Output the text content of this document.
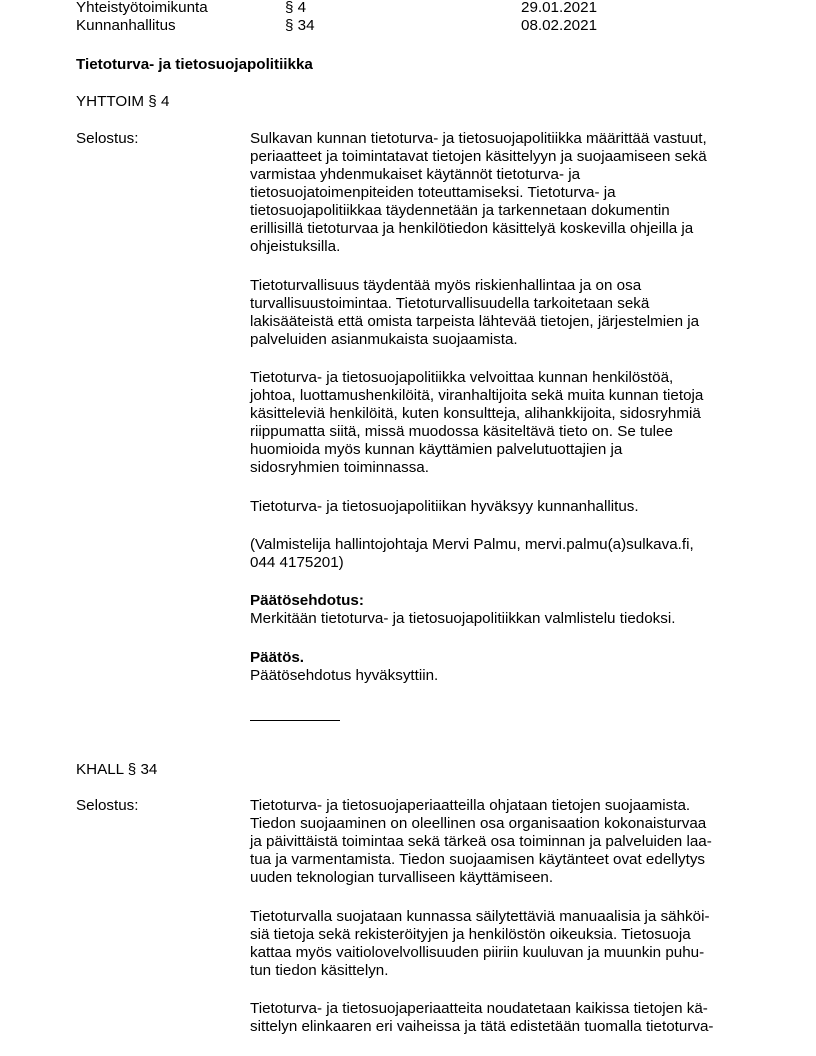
Yhteistyötoimikunta	§ 4	29.01.2021
Kunnanhallitus	§ 34	08.02.2021
Tietoturva- ja tietosuojapolitiikka
YHTTOIM § 4
Selostus:	Sulkavan kunnan tietoturva- ja tietosuojapolitiikka määrittää vastuut,
periaatteet ja toimintatavat tietojen käsittelyyn ja suojaamiseen sekä
varmistaa yhdenmukaiset käytännöt tietoturva- ja
tietosuojatoimenpiteiden toteuttamiseksi. Tietoturva- ja
tietosuojapolitiikkaa täydennetään ja tarkennetaan dokumentin
erillisillä tietoturvaa ja henkilötiedon käsittelyä koskevilla ohjeilla ja
ohjeistuksilla.
Tietoturvallisuus täydentää myös riskienhallintaa ja on osa
turvallisuustoimintaa. Tietoturvallisuudella tarkoitetaan sekä
lakisääteistä että omista tarpeista lähtevää tietojen, järjestelmien ja
palveluiden asianmukaista suojaamista.
Tietoturva- ja tietosuojapolitiikka velvoittaa kunnan henkilöstöä,
johtoa, luottamushenkilöitä, viranhaltijoita sekä muita kunnan tietoja
käsitteleviä henkilöitä, kuten konsultteja, alihankkijoita, sidosryhmiä
riippumatta siitä, missä muodossa käsiteltävä tieto on. Se tulee
huomioida myös kunnan käyttämien palvelutuottajien ja
sidosryhmien toiminnassa.
Tietoturva- ja tietosuojapolitiikan hyväksyy kunnanhallitus.
(Valmistelija hallintojohtaja Mervi Palmu, mervi.palmu(a)sulkava.fi,
044 4175201)
Päätösehdotus:
Merkitään tietoturva- ja tietosuojapolitiikkan valmlistelu tiedoksi.
Päätös.
Päätösehdotus hyväksyttiin.
KHALL § 34
Selostus:	Tietoturva- ja tietosuojaperiaatteilla ohjataan tietojen suojaamista.
Tiedon suojaaminen on oleellinen osa organisaation kokonaisturvaa
ja päivittäistä toimintaa sekä tärkeä osa toiminnan ja palveluiden laa-
tua ja varmentamista. Tiedon suojaamisen käytänteet ovat edellytys
uuden teknologian turvalliseen käyttämiseen.
Tietoturvalla suojataan kunnassa säilytettäviä manuaalisia ja sähköi-
siä tietoja sekä rekisteröityjen ja henkilöstön oikeuksia. Tietosuoja
kattaa myös vaitiolovelvollisuuden piiriin kuuluvan ja muunkin puhu-
tun tiedon käsittelyn.
Tietoturva- ja tietosuojaperiaatteita noudatetaan kaikissa tietojen kä-
sittelyn elinkaaren eri vaiheissa ja tätä edistetään tuomalla tietoturva-
